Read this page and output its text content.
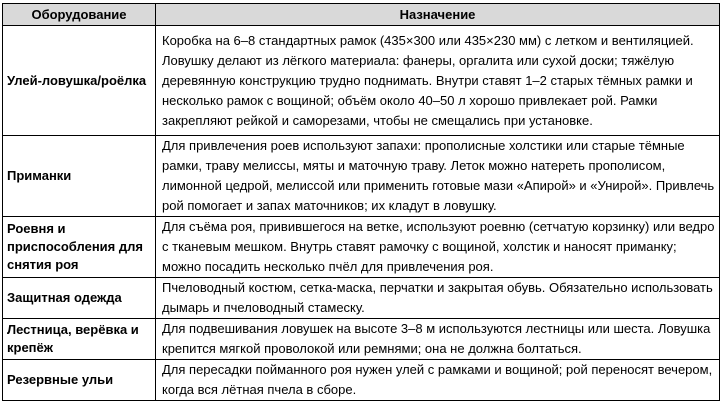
Оборудование	Назначение
Улей-ловушка/роёлка	Коробка на 6–8 стандартных рамок (435×300 или 435×230 мм) с летком и вентиляцией. Ловушку делают из лёгкого материала: фанеры, оргалита или сухой доски; тяжёлую деревянную конструкцию трудно поднимать. Внутри ставят 1–2 старых тёмных рамки и несколько рамок с вощиной; объём около 40–50 л хорошо привлекает рой. Рамки закрепляют рейкой и саморезами, чтобы не смещались при установке.
Приманки	Для привлечения роев используют запахи: прополисные холстики или старые тёмные рамки, траву мелиссы, мяты и маточную траву. Леток можно натереть прополисом, лимонной цедрой, мелиссой или применить готовые мази «Апирой» и «Унирой». Привлечь рой помогает и запах маточников; их кладут в ловушку.
Роевня и приспособления для снятия роя	Для съёма роя, привившегося на ветке, используют роевню (сетчатую корзинку) или ведро с тканевым мешком. Внутрь ставят рамочку с вощиной, холстик и наносят приманку; можно посадить несколько пчёл для привлечения роя.
Защитная одежда	Пчеловодный костюм, сетка-маска, перчатки и закрытая обувь. Обязательно использовать дымарь и пчеловодный стамеску.
Лестница, верёвка и крепёж	Для подвешивания ловушек на высоте 3–8 м используются лестницы или шеста. Ловушка крепится мягкой проволокой или ремнями; она не должна болтаться.
Резервные ульи	Для пересадки пойманного роя нужен улей с рамками и вощиной; рой переносят вечером, когда вся лётная пчела в сборе.
